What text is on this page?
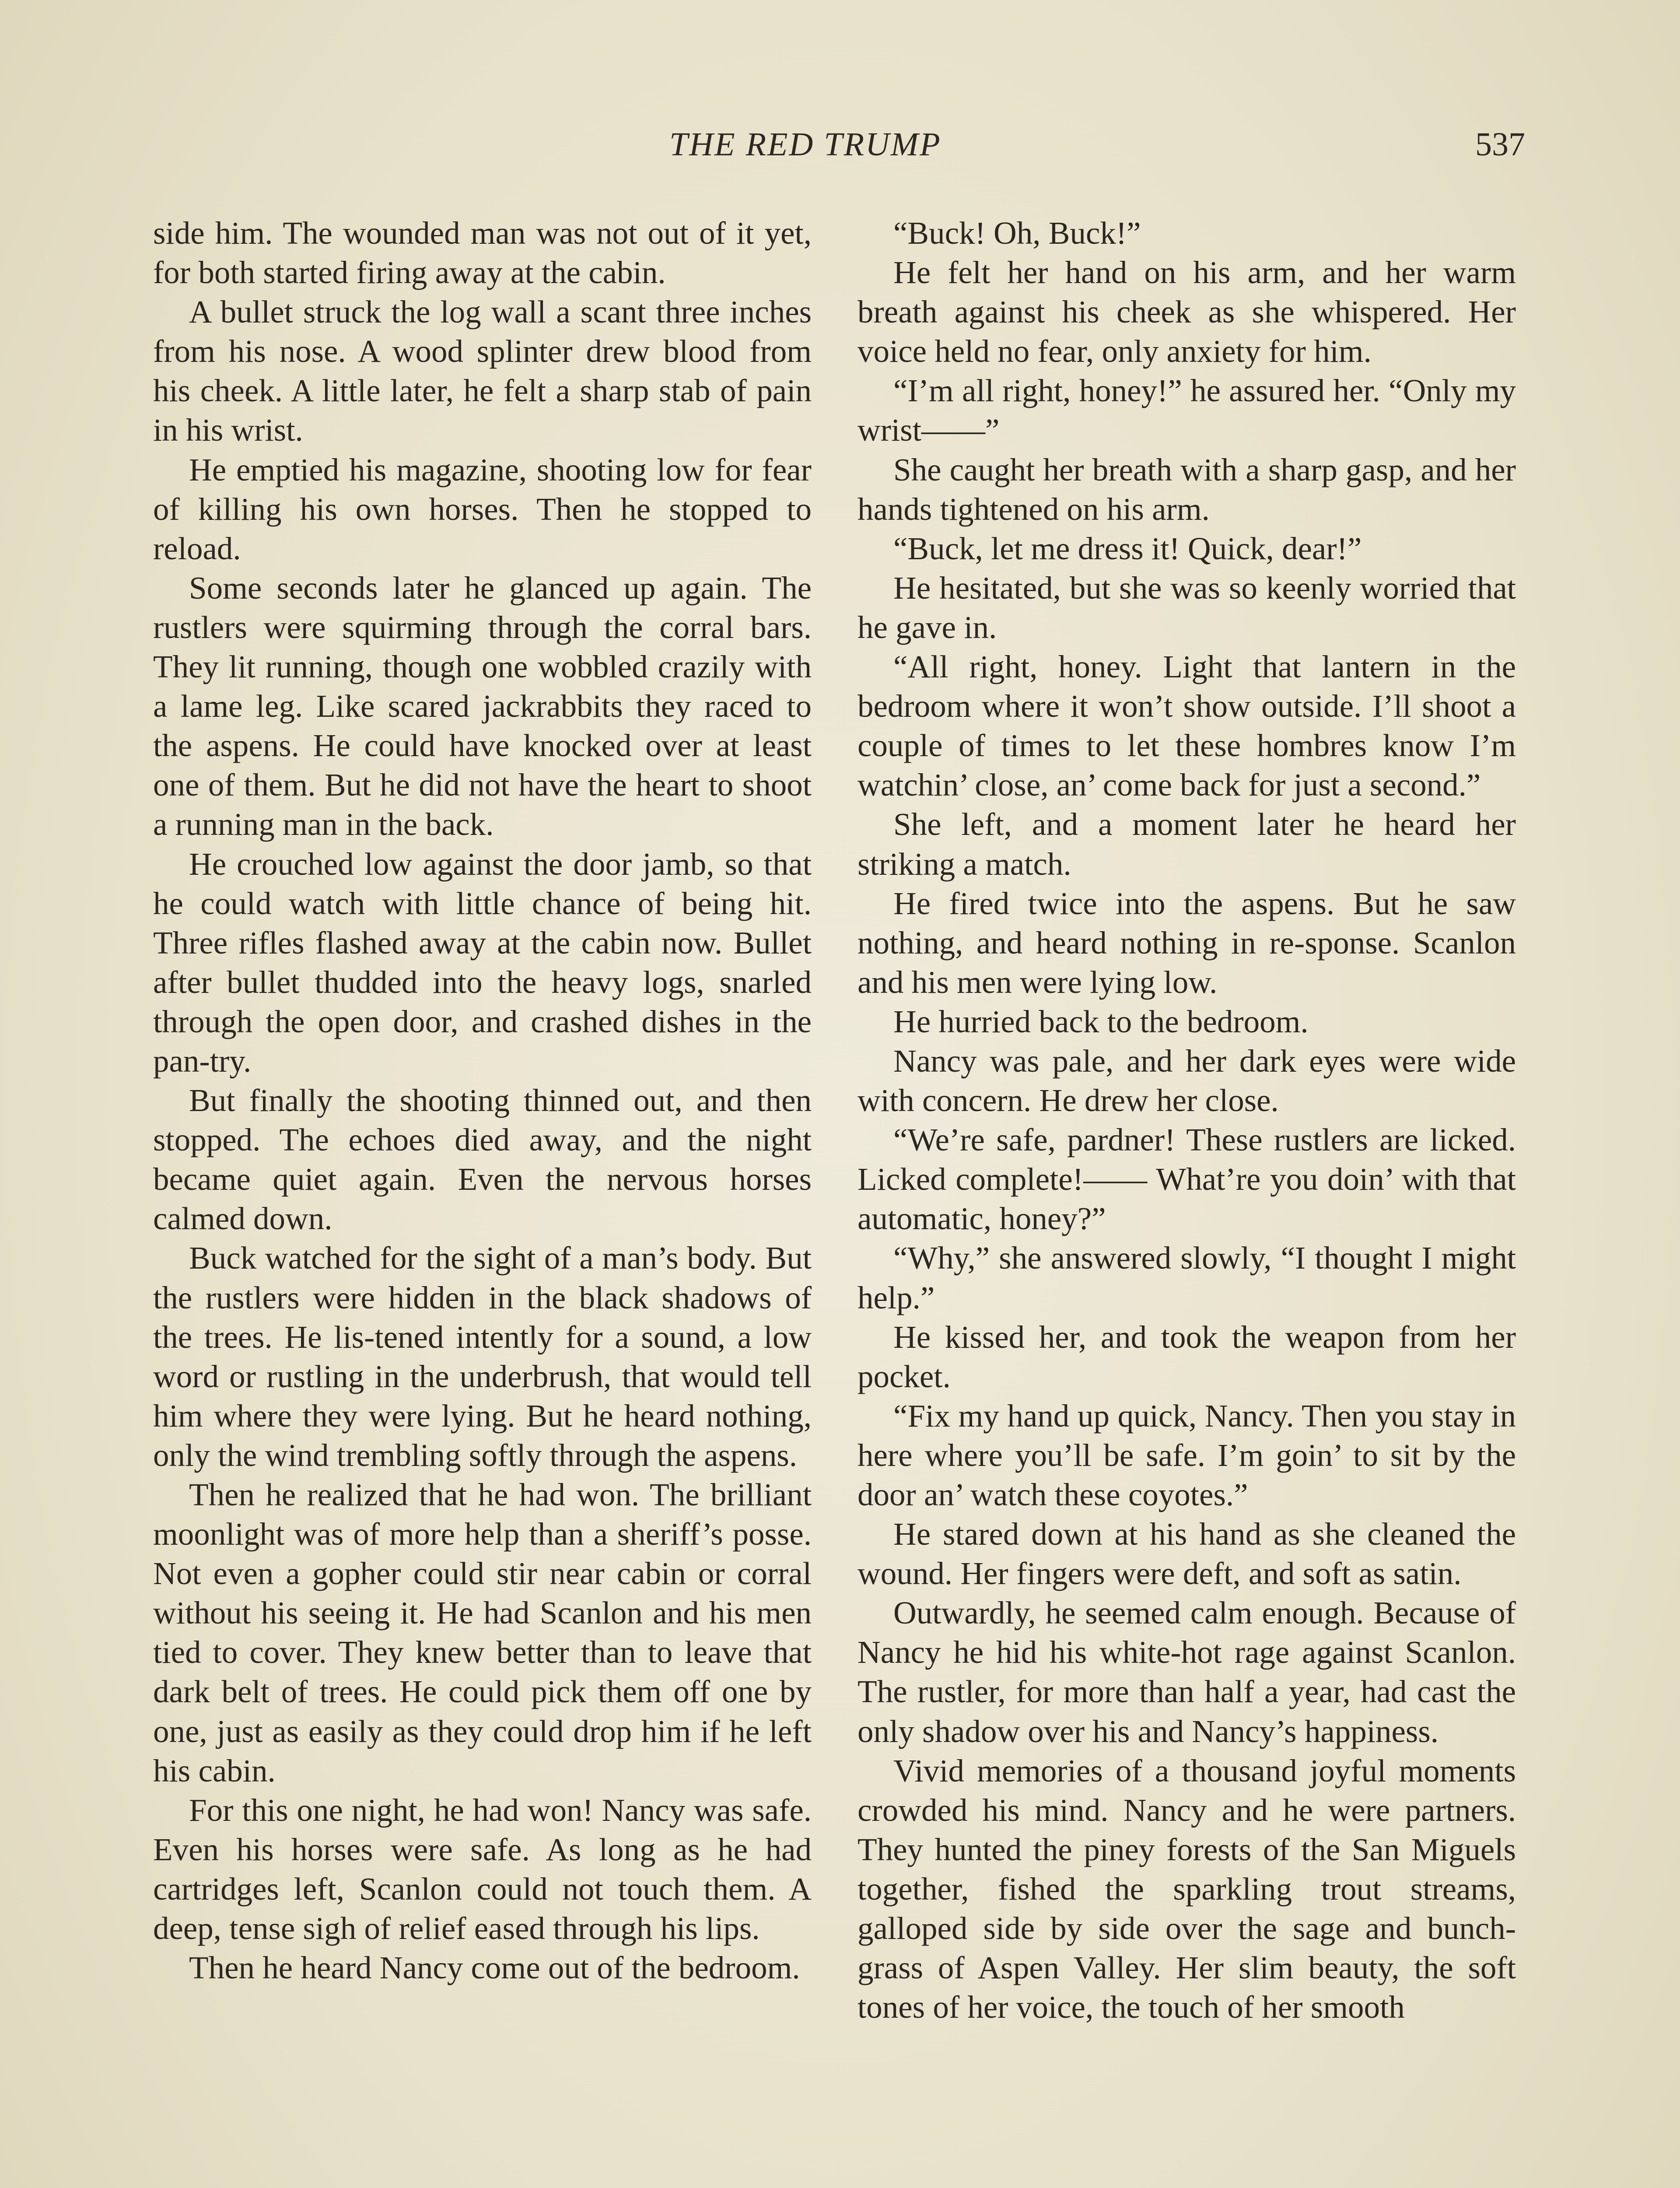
THE RED TRUMP	537

side him. The wounded man was not out of it yet, for both started firing away at the cabin.

A bullet struck the log wall a scant three inches from his nose. A wood splinter drew blood from his cheek. A little later, he felt a sharp stab of pain in his wrist.

He emptied his magazine, shooting low for fear of killing his own horses. Then he stopped to reload.

Some seconds later he glanced up again. The rustlers were squirming through the corral bars. They lit running, though one wobbled crazily with a lame leg. Like scared jackrabbits they raced to the aspens. He could have knocked over at least one of them. But he did not have the heart to shoot a running man in the back.

He crouched low against the door jamb, so that he could watch with little chance of being hit. Three rifles flashed away at the cabin now. Bullet after bullet thudded into the heavy logs, snarled through the open door, and crashed dishes in the pan-try.

But finally the shooting thinned out, and then stopped. The echoes died away, and the night became quiet again. Even the nervous horses calmed down.

Buck watched for the sight of a man’s body. But the rustlers were hidden in the black shadows of the trees. He lis-tened intently for a sound, a low word or rustling in the underbrush, that would tell him where they were lying. But he heard nothing, only the wind trembling softly through the aspens.

Then he realized that he had won. The brilliant moonlight was of more help than a sheriff’s posse. Not even a gopher could stir near cabin or corral without his seeing it. He had Scanlon and his men tied to cover. They knew better than to leave that dark belt of trees. He could pick them off one by one, just as easily as they could drop him if he left his cabin.

For this one night, he had won! Nancy was safe. Even his horses were safe. As long as he had cartridges left, Scanlon could not touch them. A deep, tense sigh of relief eased through his lips.

Then he heard Nancy come out of the bedroom.

“Buck! Oh, Buck!”

He felt her hand on his arm, and her warm breath against his cheek as she whispered. Her voice held no fear, only anxiety for him.

“I’m all right, honey!” he assured her. “Only my wrist——”

She caught her breath with a sharp gasp, and her hands tightened on his arm.

“Buck, let me dress it! Quick, dear!”

He hesitated, but she was so keenly worried that he gave in.

“All right, honey. Light that lantern in the bedroom where it won’t show outside. I’ll shoot a couple of times to let these hombres know I’m watchin’ close, an’ come back for just a second.”

She left, and a moment later he heard her striking a match.

He fired twice into the aspens. But he saw nothing, and heard nothing in re-sponse. Scanlon and his men were lying low.

He hurried back to the bedroom.

Nancy was pale, and her dark eyes were wide with concern. He drew her close.

“We’re safe, pardner! These rustlers are licked. Licked complete!—— What’re you doin’ with that automatic, honey?”

“Why,” she answered slowly, “I thought I might help.”

He kissed her, and took the weapon from her pocket.

“Fix my hand up quick, Nancy. Then you stay in here where you’ll be safe. I’m goin’ to sit by the door an’ watch these coyotes.”

He stared down at his hand as she cleaned the wound. Her fingers were deft, and soft as satin.

Outwardly, he seemed calm enough. Because of Nancy he hid his white-hot rage against Scanlon. The rustler, for more than half a year, had cast the only shadow over his and Nancy’s happiness.

Vivid memories of a thousand joyful moments crowded his mind. Nancy and he were partners. They hunted the piney forests of the San Miguels together, fished the sparkling trout streams, galloped side by side over the sage and bunch-grass of Aspen Valley. Her slim beauty, the soft tones of her voice, the touch of her smooth
